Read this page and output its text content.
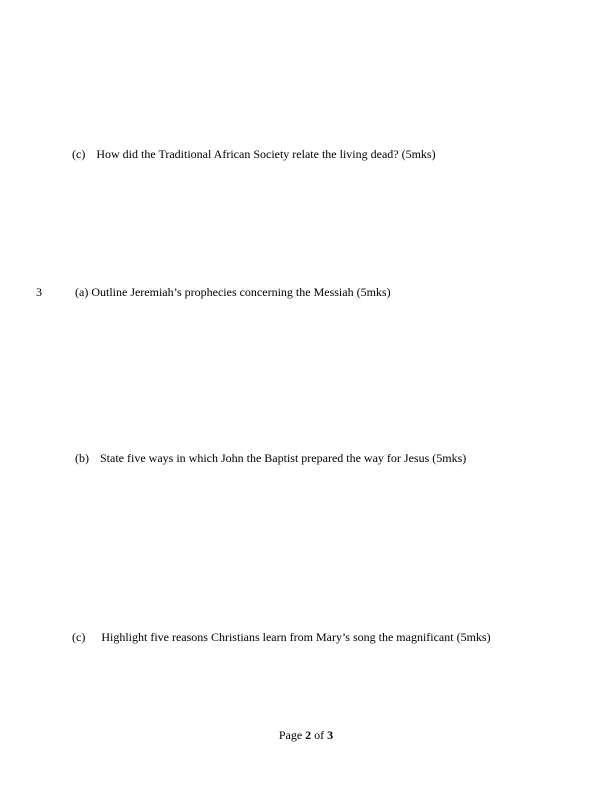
(c) How did the Traditional African Society relate the living dead? (5mks)
3	(a) Outline Jeremiah’s prophecies concerning the Messiah (5mks)
(b) State five ways in which John the Baptist prepared the way for Jesus (5mks)
(c) Highlight five reasons Christians learn from Mary’s song the magnificant (5mks)
Page 2 of 3
